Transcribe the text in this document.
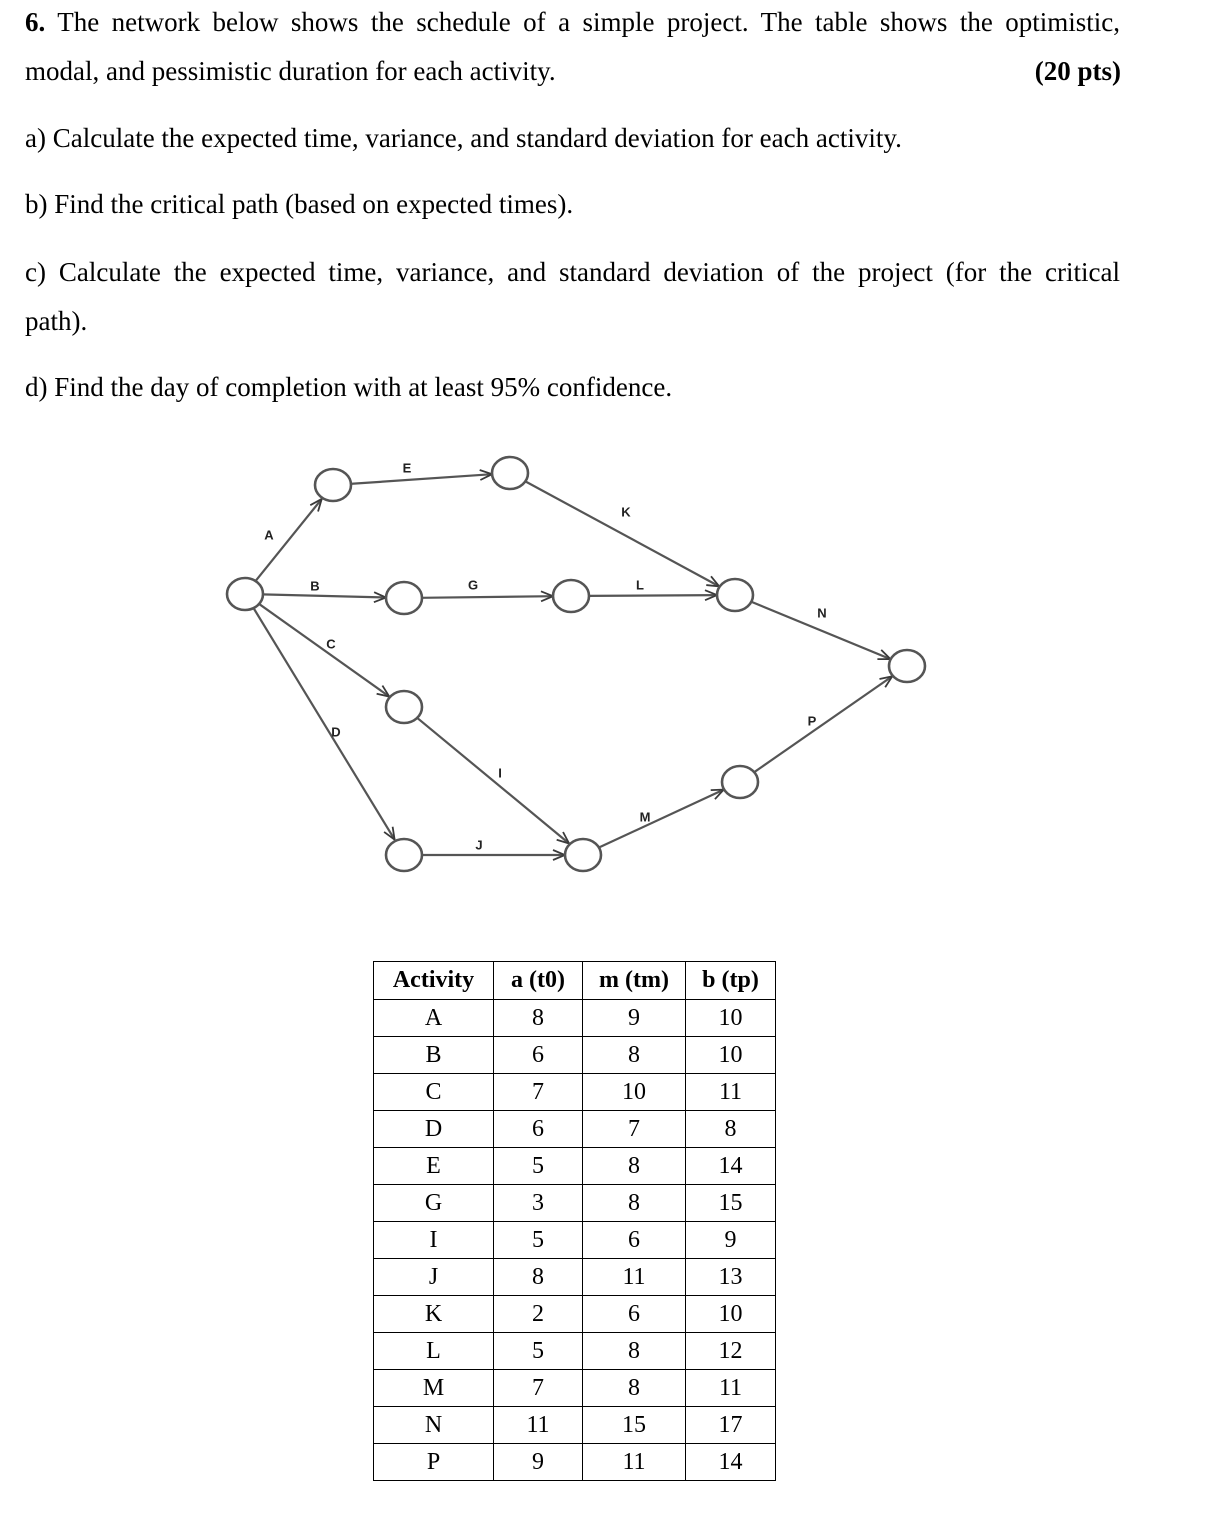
6. The network below shows the schedule of a simple project. The table shows the optimistic,
modal, and pessimistic duration for each activity.	(20 pts)
a) Calculate the expected time, variance, and standard deviation for each activity.
b) Find the critical path (based on expected times).
c) Calculate the expected time, variance, and standard deviation of the project (for the critical
path).
d) Find the day of completion with at least 95% confidence.
A
B
C
D
E
G
I
J
K
L
M
N
P
Activity	a (t0)	m (tm)	b (tp)
A	8	9	10
B	6	8	10
C	7	10	11
D	6	7	8
E	5	8	14
G	3	8	15
I	5	6	9
J	8	11	13
K	2	6	10
L	5	8	12
M	7	8	11
N	11	15	17
P	9	11	14
